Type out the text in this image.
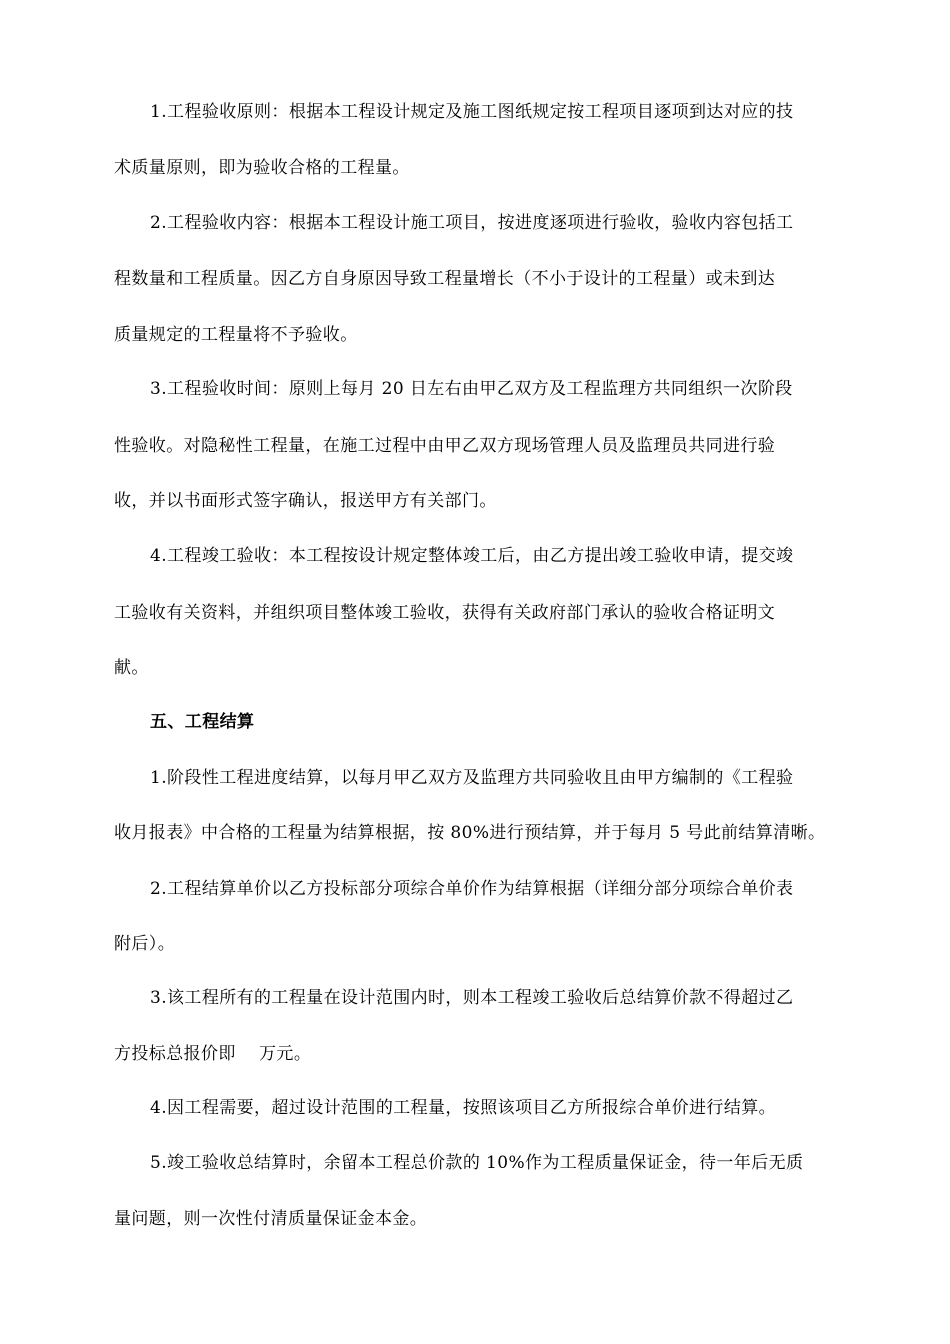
1.工程验收原则：根据本工程设计规定及施工图纸规定按工程项目逐项到达对应的技
术质量原则，即为验收合格的工程量。
2.工程验收内容：根据本工程设计施工项目，按进度逐项进行验收，验收内容包括工
程数量和工程质量。因乙方自身原因导致工程量增长（不小于设计的工程量）或未到达
质量规定的工程量将不予验收。
3.工程验收时间：原则上每月 20 日左右由甲乙双方及工程监理方共同组织一次阶段
性验收。对隐秘性工程量，在施工过程中由甲乙双方现场管理人员及监理员共同进行验
收，并以书面形式签字确认，报送甲方有关部门。
4.工程竣工验收：本工程按设计规定整体竣工后，由乙方提出竣工验收申请，提交竣
工验收有关资料，并组织项目整体竣工验收，获得有关政府部门承认的验收合格证明文
献。
五、工程结算
1.阶段性工程进度结算，以每月甲乙双方及监理方共同验收且由甲方编制的《工程验
收月报表》中合格的工程量为结算根据，按 80%进行预结算，并于每月 5 号此前结算清晰。
2.工程结算单价以乙方投标部分项综合单价作为结算根据（详细分部分项综合单价表
附后）。
3.该工程所有的工程量在设计范围内时，则本工程竣工验收后总结算价款不得超过乙
方投标总报价即    万元。
4.因工程需要，超过设计范围的工程量，按照该项目乙方所报综合单价进行结算。
5.竣工验收总结算时，余留本工程总价款的 10%作为工程质量保证金，待一年后无质
量问题，则一次性付清质量保证金本金。
